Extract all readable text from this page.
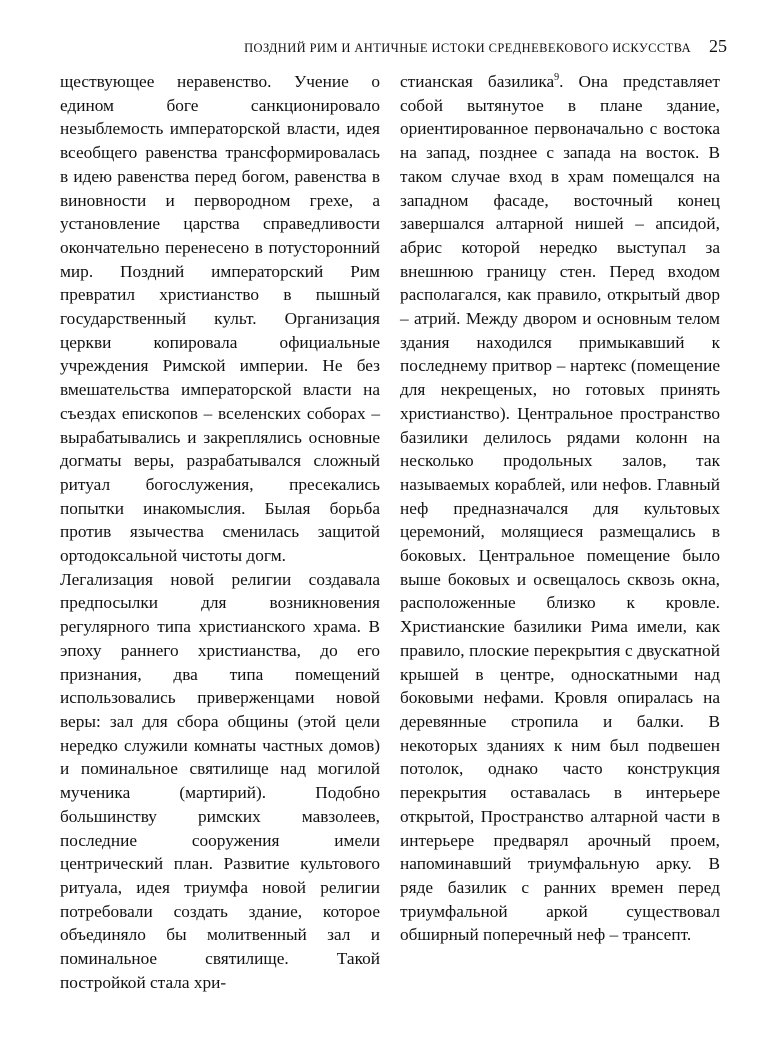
ПОЗДНИЙ РИМ И АНТИЧНЫЕ ИСТОКИ СРЕДНЕВЕКОВОГО ИСКУССТВА 25

ществующее неравенство. Учение о едином боге санкционировало незыблемость императорской власти, идея всеобщего равенства трансформировалась в идею равенства перед богом, равенства в виновности и первородном грехе, а установление царства справедливости окончательно перенесено в потусторонний мир. Поздний императорский Рим превратил христианство в пышный государственный культ. Организация церкви копировала официальные учреждения Римской империи. Не без вмешательства императорской власти на съездах епископов – вселенских соборах – вырабатывались и закреплялись основные догматы веры, разрабатывался сложный ритуал богослужения, пресекались попытки инакомыслия. Былая борьба против язычества сменилась защитой ортодоксальной чистоты догм.

Легализация новой религии создавала предпосылки для возникновения регулярного типа христианского храма. В эпоху раннего христианства, до его признания, два типа помещений использовались приверженцами новой веры: зал для сбора общины (этой цели нередко служили комнаты частных домов) и поминальное святилище над могилой мученика (мартирий). Подобно большинству римских мавзолеев, последние сооружения имели центрический план. Развитие культового ритуала, идея триумфа новой религии потребовали создать здание, которое объединяло бы молитвенный зал и поминальное святилище. Такой постройкой стала хри-

стианская базилика$^9$. Она представляет собой вытянутое в плане здание, ориентированное первоначально с востока на запад, позднее с запада на восток. В таком случае вход в храм помещался на западном фасаде, восточный конец завершался алтарной нишей – апсидой, абрис которой нередко выступал за внешнюю границу стен. Перед входом располагался, как правило, открытый двор – атрий. Между двором и основным телом здания находился примыкавший к последнему притвор – нартекс (помещение для некрещеных, но готовых принять христианство). Центральное пространство базилики делилось рядами колонн на несколько продольных залов, так называемых кораблей, или нефов. Главный неф предназначался для культовых церемоний, молящиеся размещались в боковых. Центральное помещение было выше боковых и освещалось сквозь окна, расположенные близко к кровле. Христианские базилики Рима имели, как правило, плоские перекрытия с двускатной крышей в центре, односкатными над боковыми нефами. Кровля опиралась на деревянные стропила и балки. В некоторых зданиях к ним был подвешен потолок, однако часто конструкция перекрытия оставалась в интерьере открытой, Пространство алтарной части в интерьере предварял арочный проем, напоминавший триумфальную арку. В ряде базилик с ранних времен перед триумфальной аркой существовал обширный поперечный неф – трансепт.
